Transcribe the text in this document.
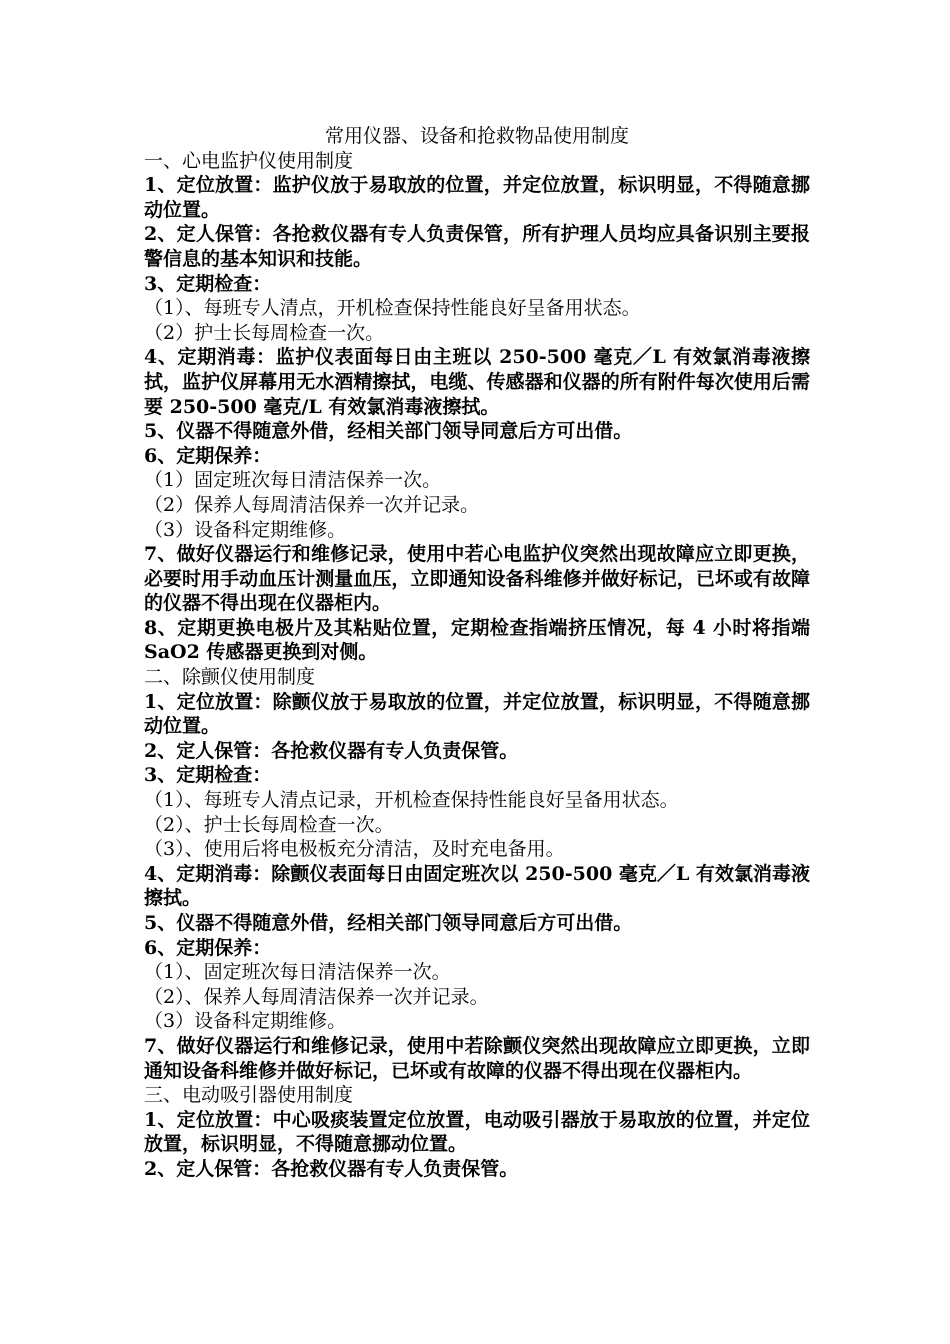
常用仪器、设备和抢救物品使用制度

一、心电监护仪使用制度

1、定位放置：监护仪放于易取放的位置，并定位放置，标识明显，不得随意挪动位置。

2、定人保管：各抢救仪器有专人负责保管，所有护理人员均应具备识别主要报警信息的基本知识和技能。

3、定期检查：

（1）、每班专人清点，开机检查保持性能良好呈备用状态。

（2）护士长每周检查一次。

4、定期消毒：监护仪表面每日由主班以 250-500 毫克／L 有效氯消毒液擦拭，监护仪屏幕用无水酒精擦拭，电缆、传感器和仪器的所有附件每次使用后需要 250-500 毫克/L 有效氯消毒液擦拭。

5、仪器不得随意外借，经相关部门领导同意后方可出借。

6、定期保养：

（1）固定班次每日清洁保养一次。

（2）保养人每周清洁保养一次并记录。

（3）设备科定期维修。

7、做好仪器运行和维修记录，使用中若心电监护仪突然出现故障应立即更换，必要时用手动血压计测量血压，立即通知设备科维修并做好标记，已坏或有故障的仪器不得出现在仪器柜内。

8、定期更换电极片及其粘贴位置，定期检查指端挤压情况，每 4 小时将指端 SaO2 传感器更换到对侧。

二、除颤仪使用制度

1、定位放置：除颤仪放于易取放的位置，并定位放置，标识明显，不得随意挪动位置。

2、定人保管：各抢救仪器有专人负责保管。

3、定期检查：

（1）、每班专人清点记录，开机检查保持性能良好呈备用状态。

（2）、护士长每周检查一次。

（3）、使用后将电极板充分清洁，及时充电备用。

4、定期消毒：除颤仪表面每日由固定班次以 250-500 毫克／L 有效氯消毒液擦拭。

5、仪器不得随意外借，经相关部门领导同意后方可出借。

6、定期保养：

（1）、固定班次每日清洁保养一次。

（2）、保养人每周清洁保养一次并记录。

（3）设备科定期维修。

7、做好仪器运行和维修记录，使用中若除颤仪突然出现故障应立即更换，立即通知设备科维修并做好标记，已坏或有故障的仪器不得出现在仪器柜内。

三、电动吸引器使用制度

1、定位放置：中心吸痰装置定位放置，电动吸引器放于易取放的位置，并定位放置，标识明显，不得随意挪动位置。

2、定人保管：各抢救仪器有专人负责保管。
